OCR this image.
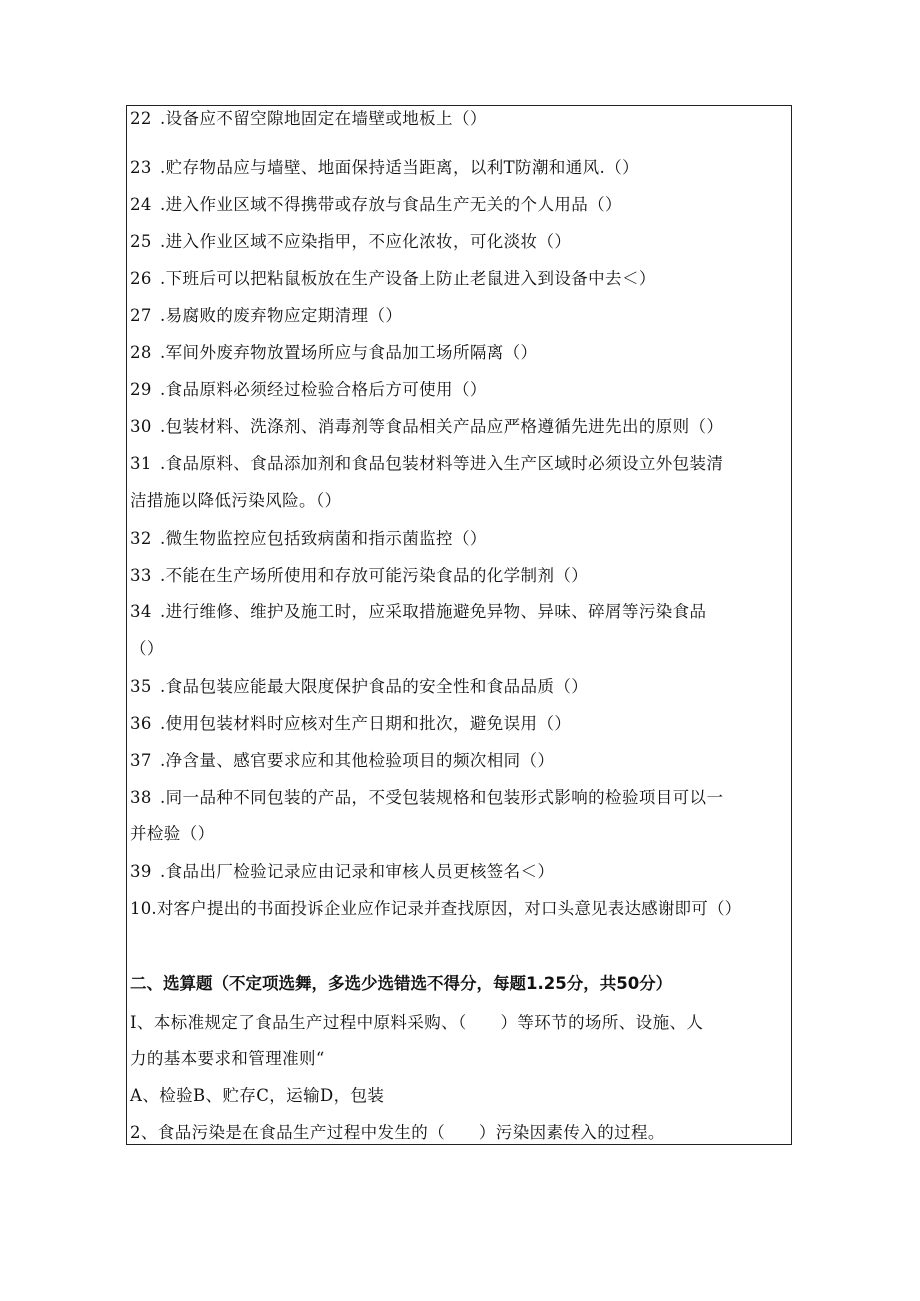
22 .设备应不留空隙地固定在墙壁或地板上（）
23 .贮存物品应与墙壁、地面保持适当距离，以利T防潮和通风.（）
24 .进入作业区域不得携带或存放与食品生产无关的个人用品（）
25 .进入作业区域不应染指甲，不应化浓妆，可化淡妆（）
26 .下班后可以把粘鼠板放在生产设备上防止老鼠进入到设备中去＜）
27 .易腐败的废弃物应定期清理（）
28 .军间外废弃物放置场所应与食品加工场所隔离（）
29 .食品原料必须经过检验合格后方可使用（）
30 .包装材料、洗涤剂、消毒剂等食品相关产品应严格遵循先进先出的原则（）
31 .食品原料、食品添加剂和食品包装材料等进入生产区域时必须设立外包装清
洁措施以降低污染风险。（）
32 .微生物监控应包括致病菌和指示菌监控（）
33 .不能在生产场所使用和存放可能污染食品的化学制剂（）
34 .进行维修、维护及施工时，应采取措施避免异物、异味、碎屑等污染食品
（）
35 .食品包装应能最大限度保护食品的安全性和食品品质（）
36 .使用包装材料时应核对生产日期和批次，避免误用（）
37 .净含量、感官要求应和其他检验项目的频次相同（）
38 .同一品种不同包装的产品，不受包装规格和包装形式影响的检验项目可以一
并检验（）
39 .食品出厂检验记录应由记录和审核人员更核签名＜）
10.对客户提出的书面投诉企业应作记录并查找原因，对口头意见表达感谢即可（）
二、选算题（不定项选舞，多选少选错选不得分，每题1.25分，共50分）
I、本标准规定了食品生产过程中原料采购、（　　）等环节的场所、设施、人
力的基本要求和管理准则“
A、检验B、贮存C，运输D，包装
2、食品污染是在食品生产过程中发生的（　　）污染因素传入的过程。
